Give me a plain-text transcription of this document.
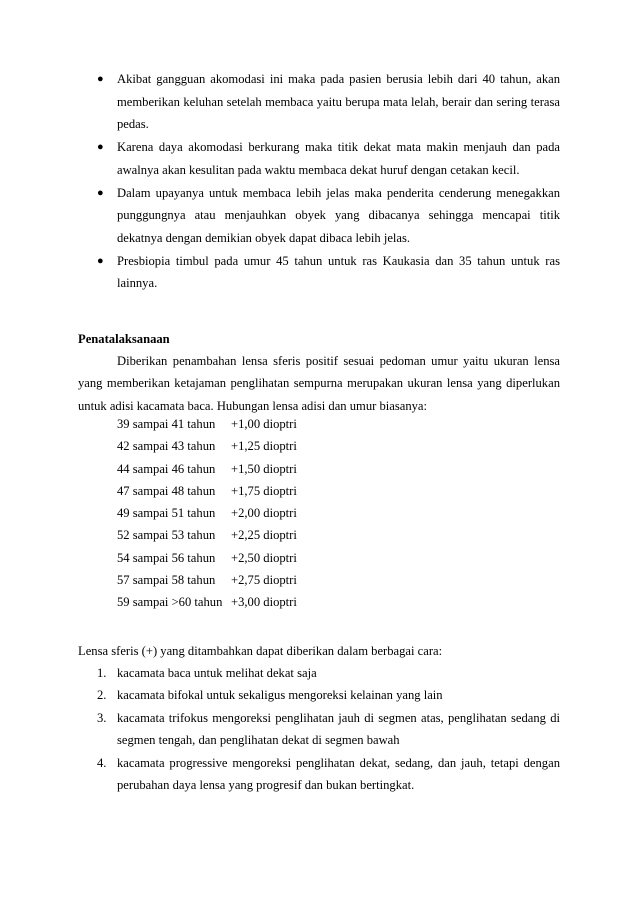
● Akibat gangguan akomodasi ini maka pada pasien berusia lebih dari 40 tahun, akan memberikan keluhan setelah membaca yaitu berupa mata lelah, berair dan sering terasa pedas.
● Karena daya akomodasi berkurang maka titik dekat mata makin menjauh dan pada awalnya akan kesulitan pada waktu membaca dekat huruf dengan cetakan kecil.
● Dalam upayanya untuk membaca lebih jelas maka penderita cenderung menegakkan punggungnya atau menjauhkan obyek yang dibacanya sehingga mencapai titik dekatnya dengan demikian obyek dapat dibaca lebih jelas.
● Presbiopia timbul pada umur 45 tahun untuk ras Kaukasia dan 35 tahun untuk ras lainnya.
Penatalaksanaan

Diberikan penambahan lensa sferis positif sesuai pedoman umur yaitu ukuran lensa yang memberikan ketajaman penglihatan sempurna merupakan ukuran lensa yang diperlukan untuk adisi kacamata baca. Hubungan lensa adisi dan umur biasanya:

39 sampai 41 tahun	+1,00 dioptri
42 sampai 43 tahun	+1,25 dioptri
44 sampai 46 tahun	+1,50 dioptri
47 sampai 48 tahun	+1,75 dioptri
49 sampai 51 tahun	+2,00 dioptri
52 sampai 53 tahun	+2,25 dioptri
54 sampai 56 tahun	+2,50 dioptri
57 sampai 58 tahun	+2,75 dioptri
59 sampai >60 tahun	+3,00 dioptri

Lensa sferis (+) yang ditambahkan dapat diberikan dalam berbagai cara:

1. kacamata baca untuk melihat dekat saja
2. kacamata bifokal untuk sekaligus mengoreksi kelainan yang lain
3. kacamata trifokus mengoreksi penglihatan jauh di segmen atas, penglihatan sedang di segmen tengah, dan penglihatan dekat di segmen bawah
4. kacamata progressive mengoreksi penglihatan dekat, sedang, dan jauh, tetapi dengan perubahan daya lensa yang progresif dan bukan bertingkat.
